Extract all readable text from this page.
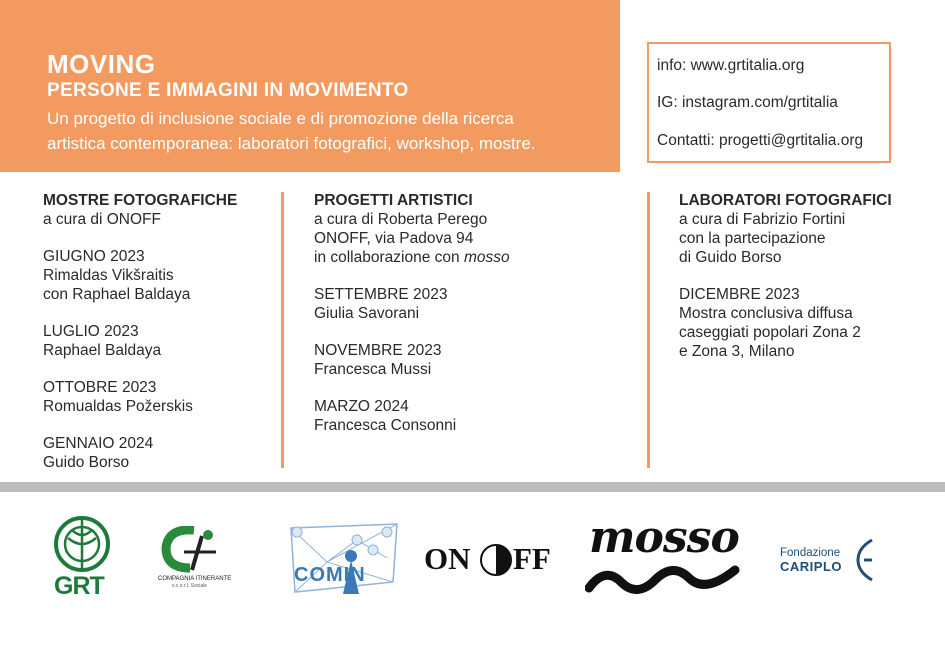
MOVING
PERSONE E IMMAGINI IN MOVIMENTO
Un progetto di inclusione sociale e di promozione della ricerca
artistica contemporanea: laboratori fotografici, workshop, mostre.
info: www.grtitalia.org
IG: instagram.com/grtitalia
Contatti: progetti@grtitalia.org
MOSTRE FOTOGRAFICHE
a cura di ONOFF
GIUGNO 2023
Rimaldas Vikšraitis
con Raphael Baldaya
LUGLIO 2023
Raphael Baldaya
OTTOBRE 2023
Romualdas Požerskis
GENNAIO 2024
Guido Borso
PROGETTI ARTISTICI
a cura di Roberta Perego
ONOFF, via Padova 94
in collaborazione con mosso
SETTEMBRE 2023
Giulia Savorani
NOVEMBRE 2023
Francesca Mussi
MARZO 2024
Francesca Consonni
LABORATORI FOTOGRAFICI
a cura di Fabrizio Fortini
con la partecipazione
di Guido Borso
DICEMBRE 2023
Mostra conclusiva diffusa
caseggiati popolari Zona 2
e Zona 3, Milano
GRT	COMPAGNIA ITINERANTE
s.c.o.r.l. Sociale	COMIN ON FF mosso	Fondazione
CARIPLO
